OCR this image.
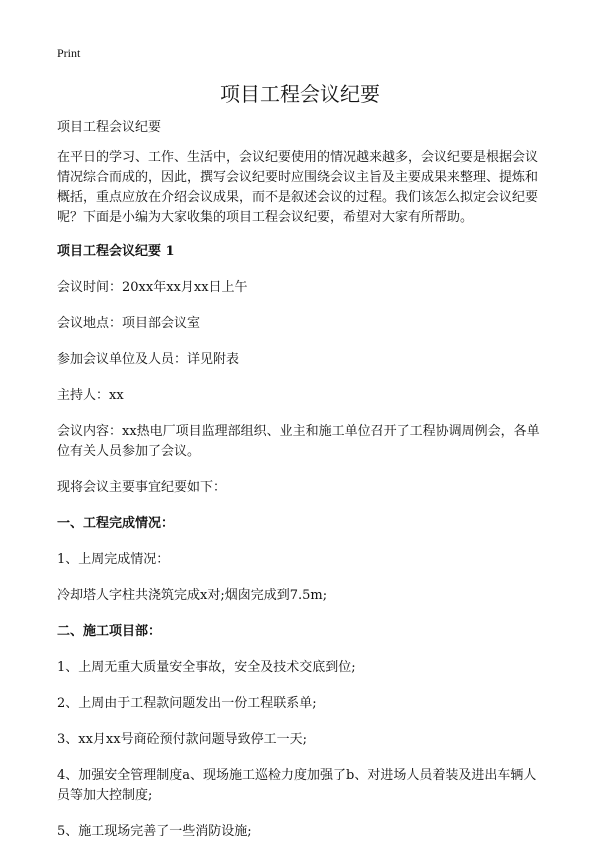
Print
项目工程会议纪要

项目工程会议纪要

在平日的学习、工作、生活中，会议纪要使用的情况越来越多，会议纪要是根据会议情况综合而成的，因此，撰写会议纪要时应围绕会议主旨及主要成果来整理、提炼和概括，重点应放在介绍会议成果，而不是叙述会议的过程。我们该怎么拟定会议纪要呢？下面是小编为大家收集的项目工程会议纪要，希望对大家有所帮助。

项目工程会议纪要 1

会议时间：20xx年xx月xx日上午

会议地点：项目部会议室

参加会议单位及人员：详见附表

主持人：xx

会议内容：xx热电厂项目监理部组织、业主和施工单位召开了工程协调周例会，各单位有关人员参加了会议。

现将会议主要事宜纪要如下：

一、工程完成情况：

1、上周完成情况：

冷却塔人字柱共浇筑完成x对;烟囱完成到7.5m;

二、施工项目部：

1、上周无重大质量安全事故，安全及技术交底到位;

2、上周由于工程款问题发出一份工程联系单;

3、xx月xx号商砼预付款问题导致停工一天;

4、加强安全管理制度a、现场施工巡检力度加强了b、对进场人员着装及进出车辆人员等加大控制度;

5、施工现场完善了一些消防设施;
